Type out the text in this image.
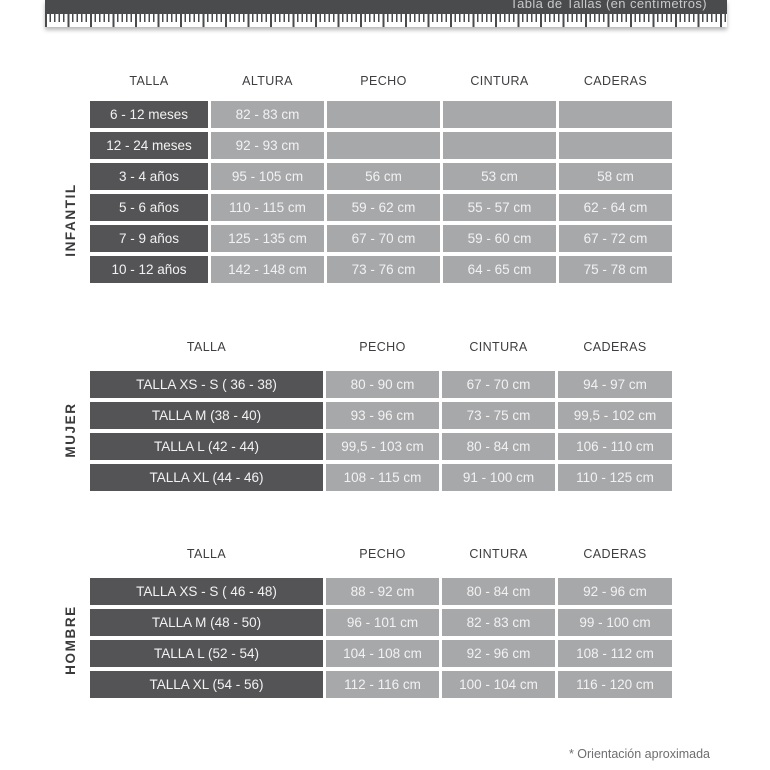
Tabla de Tallas (en centímetros)
INFANTIL
MUJER
HOMBRE
TALLA	ALTURA	PECHO	CINTURA	CADERAS
6 - 12 meses	82 - 83 cm
12 - 24 meses	92 - 93 cm
3 - 4 años	95 - 105 cm	56 cm	53 cm	58 cm
5 - 6 años	110 - 115 cm	59 - 62 cm	55 - 57 cm	62 - 64 cm
7 - 9 años	125 - 135 cm	67 - 70 cm	59 - 60 cm	67 - 72 cm
10 - 12 años	142 - 148 cm	73 - 76 cm	64 - 65 cm	75 - 78 cm
TALLA	PECHO	CINTURA	CADERAS
TALLA XS - S ( 36 - 38)	80 - 90 cm	67 - 70 cm	94 - 97 cm
TALLA M (38 - 40)	93 - 96 cm	73 - 75 cm	99,5 - 102 cm
TALLA L (42 - 44)	99,5 - 103 cm	80 - 84 cm	106 - 110 cm
TALLA XL (44 - 46)	108 - 115 cm	91 - 100 cm	110 - 125 cm
TALLA	PECHO	CINTURA	CADERAS
TALLA XS - S ( 46 - 48)	88 - 92 cm	80 - 84 cm	92 - 96 cm
TALLA M (48 - 50)	96 - 101 cm	82 - 83 cm	99 - 100 cm
TALLA L (52 - 54)	104 - 108 cm	92 - 96 cm	108 - 112 cm
TALLA XL (54 - 56)	112 - 116 cm	100 - 104 cm	116 - 120 cm
* Orientación aproximada
